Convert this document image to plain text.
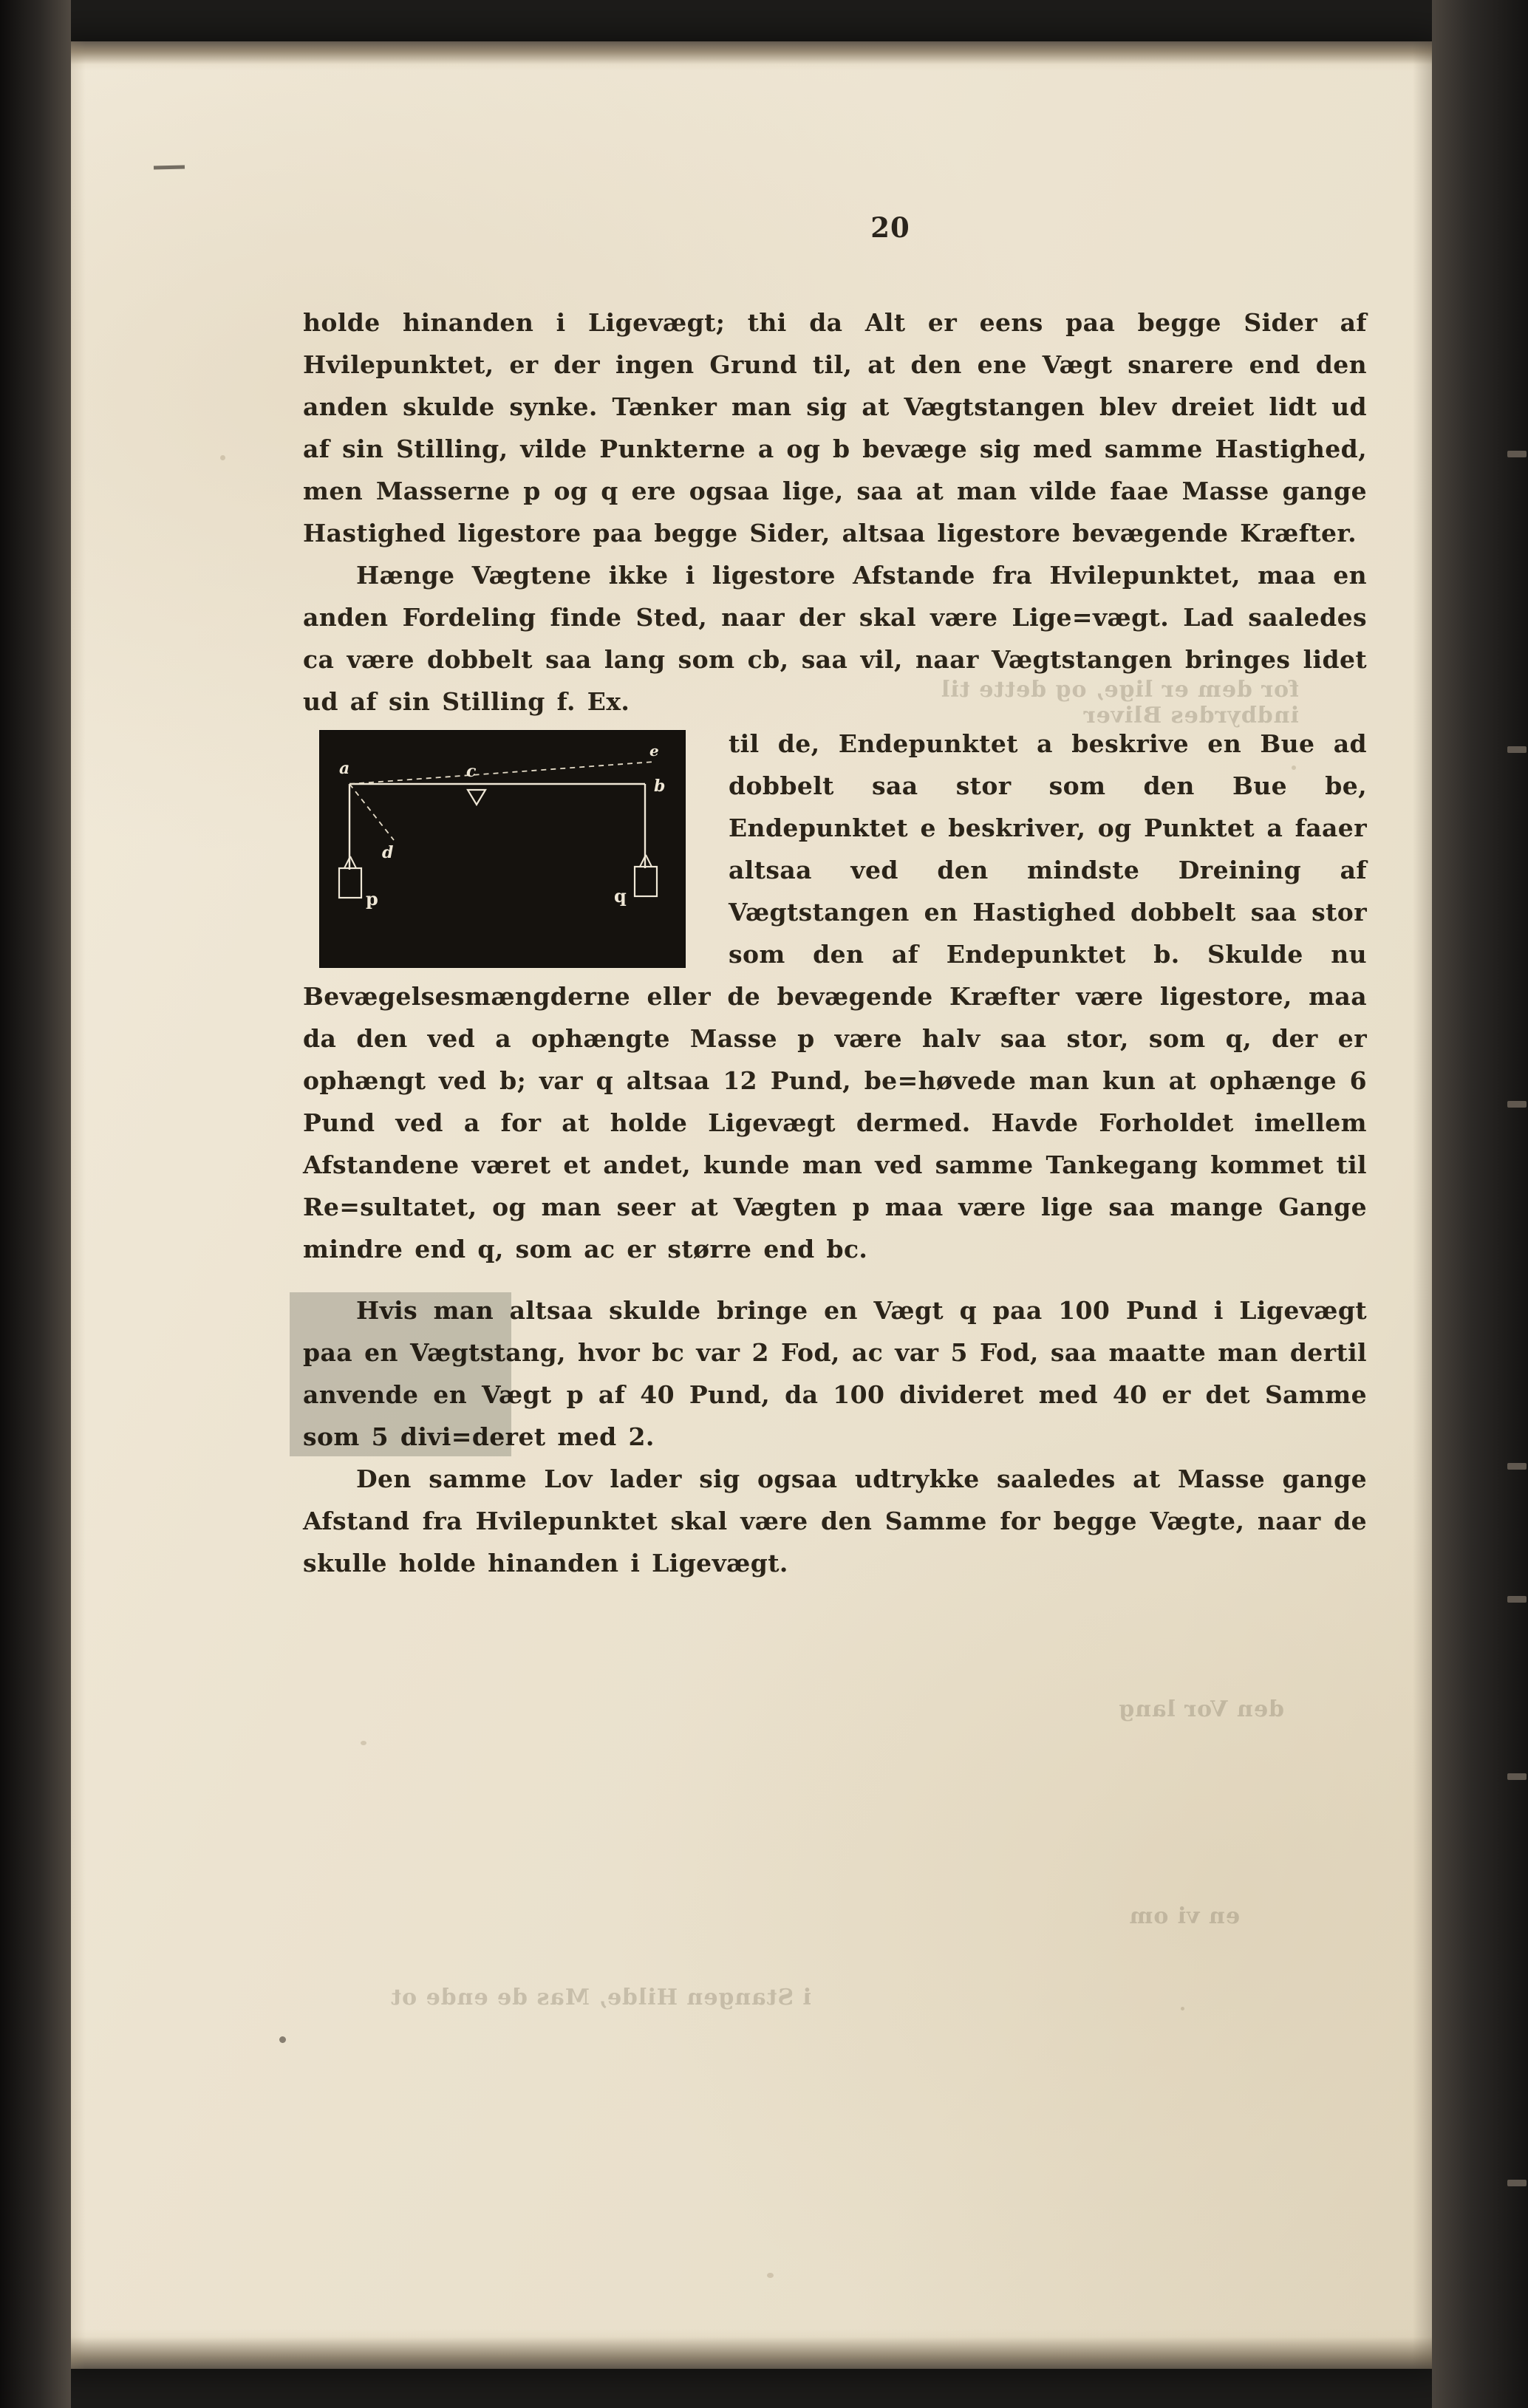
for dem er lige, og dette til indbyrdes Bliver
den Vor lang
i Stangen Hilde, Mas de ende ot
en vi om
20

holde hinanden i Ligevægt; thi da Alt er eens paa begge Sider af Hvilepunktet, er der ingen Grund til, at den ene Vægt snarere end den anden skulde synke. Tænker man sig at Vægtstangen blev dreiet lidt ud af sin Stilling, vilde Punkterne a og b bevæge sig med samme Hastighed, men Masserne p og q ere ogsaa lige, saa at man vilde faae Masse gange Hastighed ligestore paa begge Sider, altsaa ligestore bevægende Kræfter.

Hænge Vægtene ikke i ligestore Afstande fra Hvilepunktet, maa en anden Fordeling finde Sted, naar der skal være Lige=vægt. Lad saaledes ca være dobbelt saa lang som cb, saa vil, naar Vægtstangen bringes lidet ud af sin Stilling f. Ex.

a
b
c
d
e
p	q

til de, Endepunktet a beskrive en Bue ad dobbelt saa stor som den Bue be, Endepunktet e beskriver, og Punktet a faaer altsaa ved den mindste Dreining af Vægtstangen en Hastighed dobbelt saa stor som den af Endepunktet b. Skulde nu Bevægelsesmængderne eller de bevægende Kræfter være ligestore, maa da den ved a ophængte Masse p være halv saa stor, som q, der er ophængt ved b; var q altsaa 12 Pund, be=høvede man kun at ophænge 6 Pund ved a for at holde Ligevægt dermed. Havde Forholdet imellem Afstandene været et andet, kunde man ved samme Tankegang kommet til Re=sultatet, og man seer at Vægten p maa være lige saa mange Gange mindre end q, som ac er større end bc.

Hvis man altsaa skulde bringe en Vægt q paa 100 Pund i Ligevægt paa en Vægtstang, hvor bc var 2 Fod, ac var 5 Fod, saa maatte man dertil anvende en Vægt p af 40 Pund, da 100 divideret med 40 er det Samme som 5 divi=deret med 2.

Den samme Lov lader sig ogsaa udtrykke saaledes at Masse gange Afstand fra Hvilepunktet skal være den Samme for begge Vægte, naar de skulle holde hinanden i Ligevægt.
